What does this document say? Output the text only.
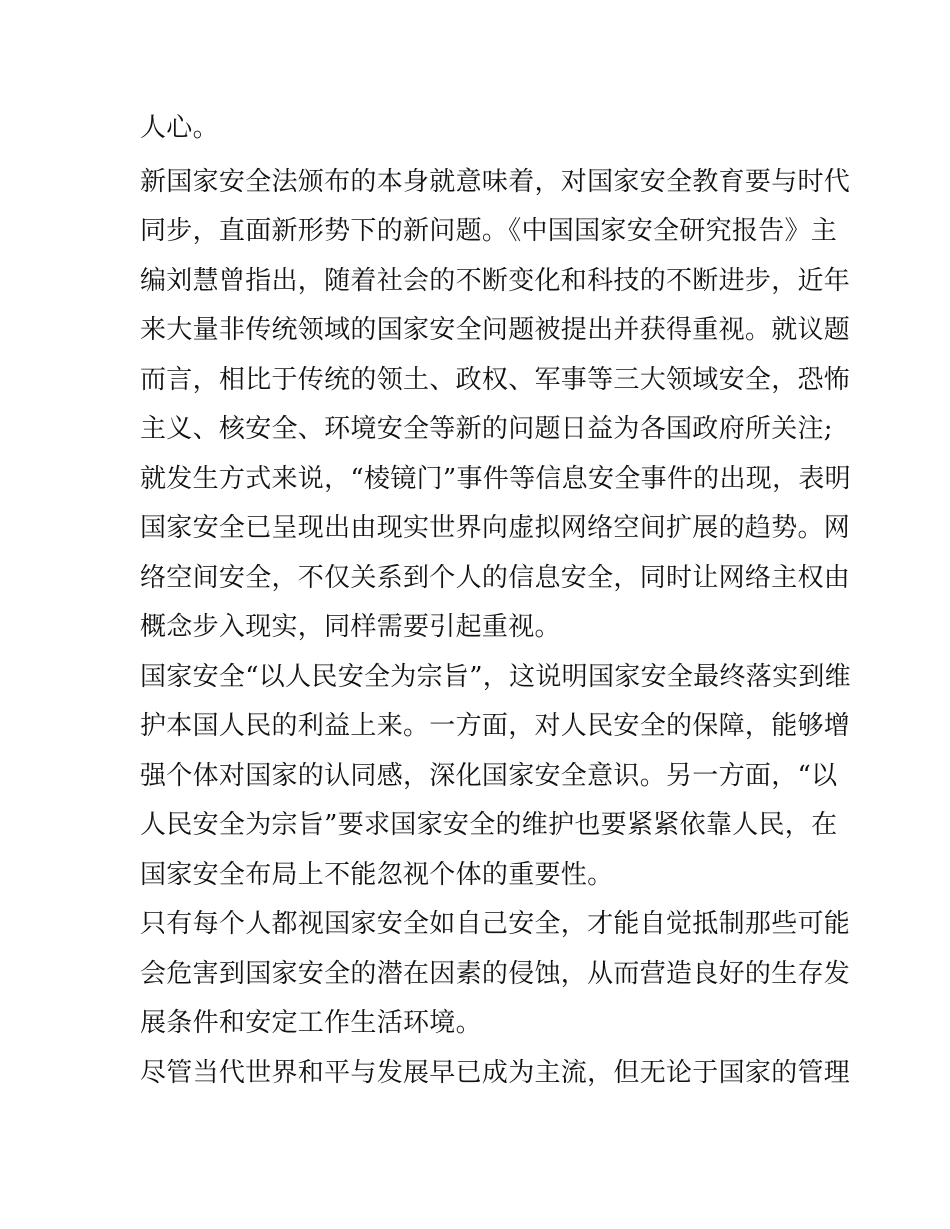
人心。
新国家安全法颁布的本身就意味着，对国家安全教育要与时代
同步，直面新形势下的新问题。《中国国家安全研究报告》主
编刘慧曾指出，随着社会的不断变化和科技的不断进步，近年
来大量非传统领域的国家安全问题被提出并获得重视。就议题
而言，相比于传统的领土、政权、军事等三大领域安全，恐怖
主义、核安全、环境安全等新的问题日益为各国政府所关注;
就发生方式来说，“棱镜门”事件等信息安全事件的出现，表明
国家安全已呈现出由现实世界向虚拟网络空间扩展的趋势。网
络空间安全，不仅关系到个人的信息安全，同时让网络主权由
概念步入现实，同样需要引起重视。
国家安全“以人民安全为宗旨”，这说明国家安全最终落实到维
护本国人民的利益上来。一方面，对人民安全的保障，能够增
强个体对国家的认同感，深化国家安全意识。另一方面，“以
人民安全为宗旨”要求国家安全的维护也要紧紧依靠人民，在
国家安全布局上不能忽视个体的重要性。
只有每个人都视国家安全如自己安全，才能自觉抵制那些可能
会危害到国家安全的潜在因素的侵蚀，从而营造良好的生存发
展条件和安定工作生活环境。
尽管当代世界和平与发展早已成为主流，但无论于国家的管理
